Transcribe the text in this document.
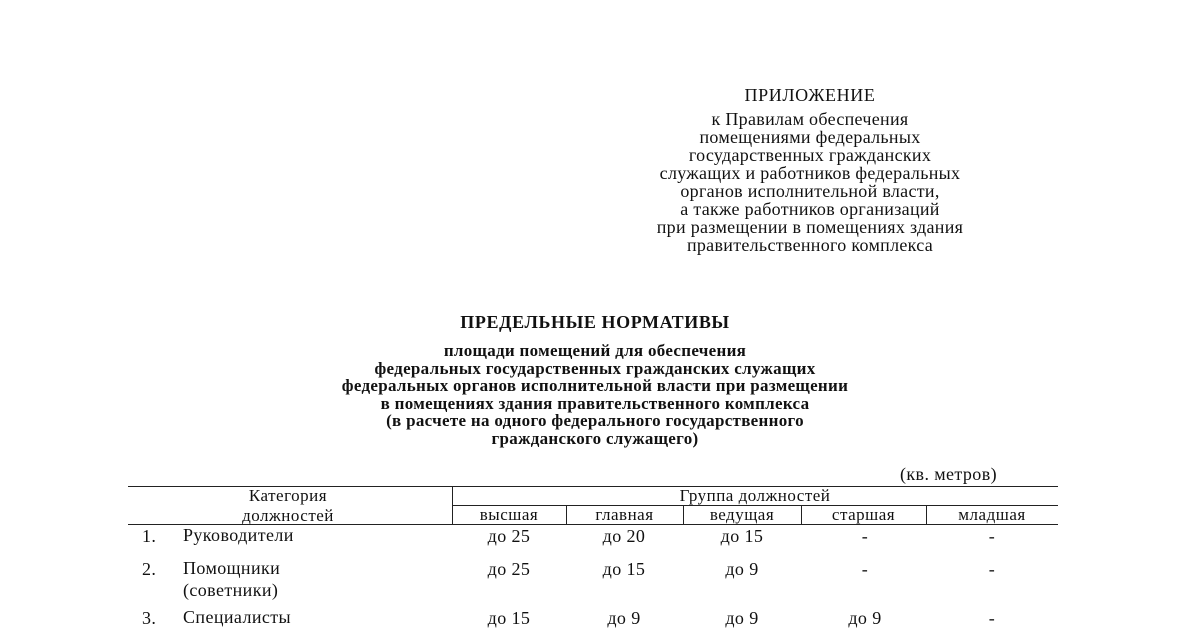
ПРИЛОЖЕНИЕ
к Правилам обеспечения
помещениями федеральных
государственных гражданских
служащих и работников федеральных
органов исполнительной власти,
а также работников организаций
при размещении в помещениях здания
правительственного комплекса
ПРЕДЕЛЬНЫЕ НОРМАТИВЫ
площади помещений для обеспечения
федеральных государственных гражданских служащих
федеральных органов исполнительной власти при размещении
в помещениях здания правительственного комплекса
(в расчете на одного федерального государственного
гражданского служащего)
(кв. метров)
Категория
должностей
Группа должностей
высшая	главная	ведущая	старшая	младшая
1. Руководители	до 25	до 20	до 15	-	-
2. Помощники
(советники)
до 25	до 15	до 9	-	-
3. Специалисты	до 15	до 9	до 9	до 9	-
